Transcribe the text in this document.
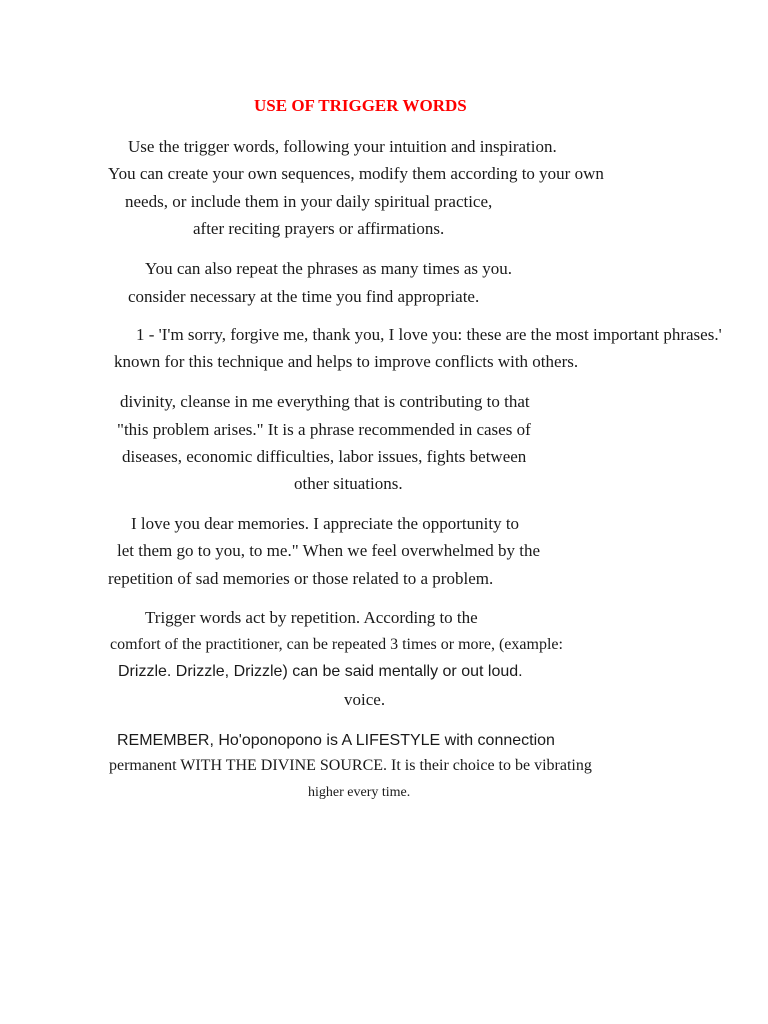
USE OF TRIGGER WORDS
Use the trigger words, following your intuition and inspiration.
You can create your own sequences, modify them according to your own
needs, or include them in your daily spiritual practice,
after reciting prayers or affirmations.
You can also repeat the phrases as many times as you.
consider necessary at the time you find appropriate.
1 - 'I'm sorry, forgive me, thank you, I love you: these are the most important phrases.'
known for this technique and helps to improve conflicts with others.
divinity, cleanse in me everything that is contributing to that
"this problem arises." It is a phrase recommended in cases of
diseases, economic difficulties, labor issues, fights between
other situations.
I love you dear memories. I appreciate the opportunity to
let them go to you, to me." When we feel overwhelmed by the
repetition of sad memories or those related to a problem.
Trigger words act by repetition. According to the
comfort of the practitioner, can be repeated 3 times or more, (example:
Drizzle. Drizzle, Drizzle) can be said mentally or out loud.
voice.
REMEMBER, Ho'oponopono is A LIFESTYLE with connection
permanent WITH THE DIVINE SOURCE. It is their choice to be vibrating
higher every time.
